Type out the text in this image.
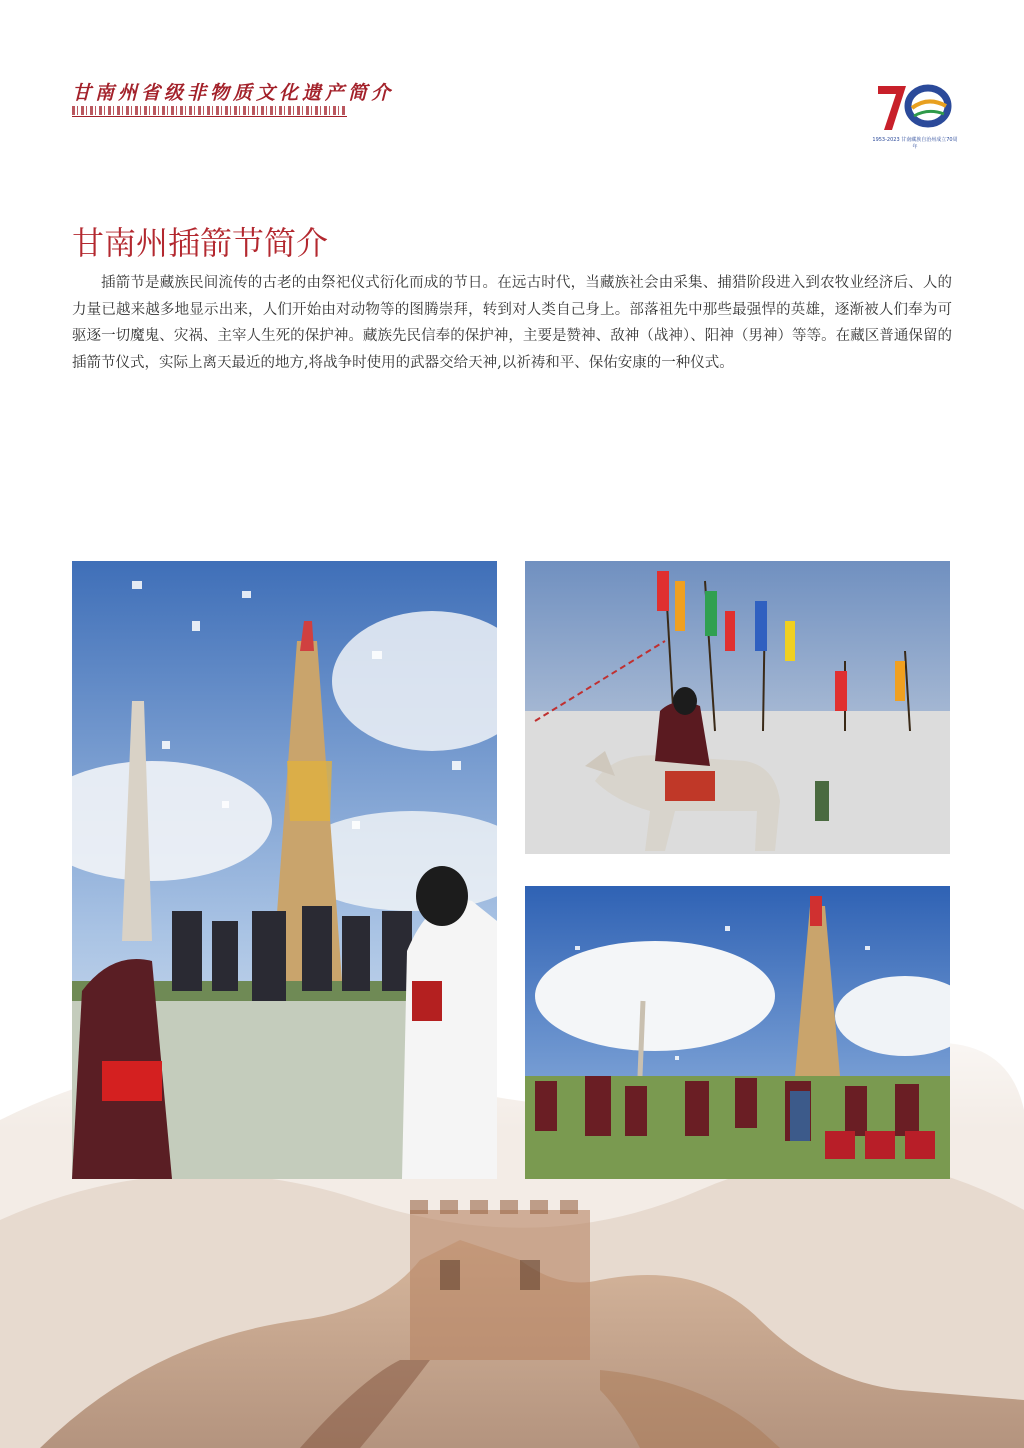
甘南州省级非物质文化遗产简介
1953-2023 甘南藏族自治州成立70周年
甘南州插箭节简介

插箭节是藏族民间流传的古老的由祭祀仪式衍化而成的节日。在远古时代，当藏族社会由采集、捕猎阶段进入到农牧业经济后、人的力量已越来越多地显示出来，人们开始由对动物等的图腾崇拜，转到对人类自己身上。部落祖先中那些最强悍的英雄，逐渐被人们奉为可驱逐一切魔鬼、灾祸、主宰人生死的保护神。藏族先民信奉的保护神，主要是赞神、敌神（战神）、阳神（男神）等等。在藏区普通保留的插箭节仪式，实际上离天最近的地方,将战争时使用的武器交给天神,以祈祷和平、保佑安康的一种仪式。
